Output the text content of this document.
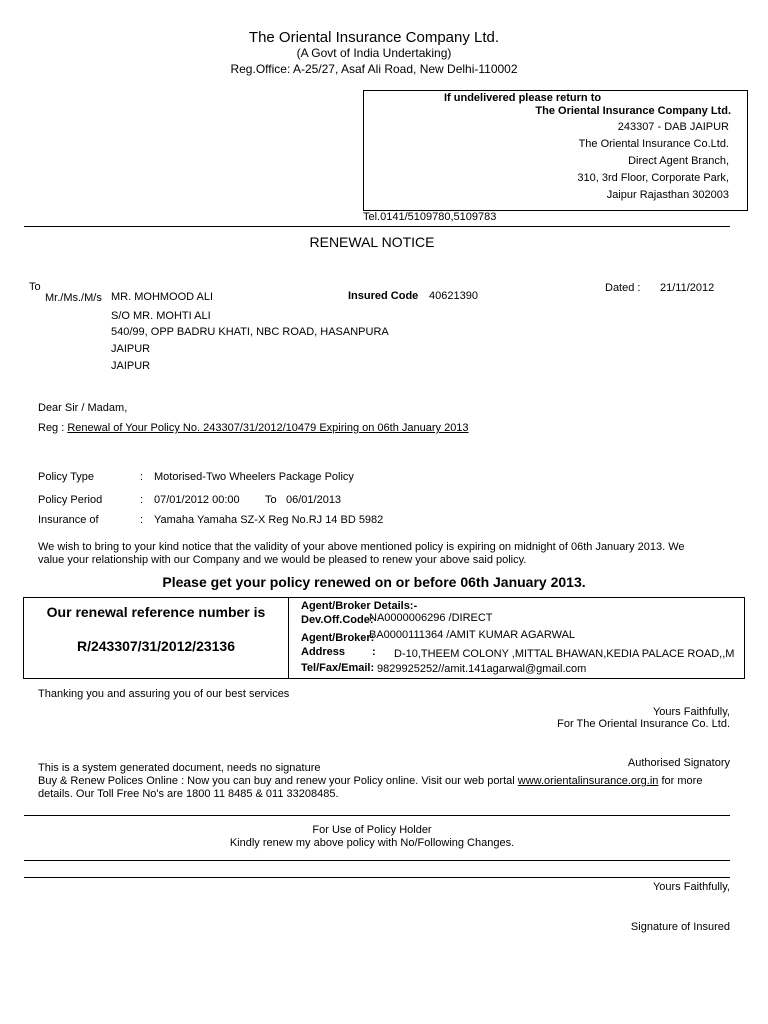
The Oriental Insurance Company Ltd.
(A Govt of India Undertaking)
Reg.Office: A-25/27, Asaf Ali Road, New Delhi-110002
If undelivered please return to
The Oriental Insurance Company Ltd.
243307 - DAB JAIPUR
The Oriental Insurance Co.Ltd.
Direct Agent Branch,
310, 3rd Floor, Corporate Park,
Jaipur Rajasthan 302003
Tel.0141/5109780,5109783
RENEWAL NOTICE
To
Mr./Ms./M/s MR. MOHMOOD ALI	Insured Code 40621390
Dated : 21/11/2012
S/O MR. MOHTI ALI
540/99, OPP BADRU KHATI, NBC ROAD, HASANPURA
JAIPUR
JAIPUR
Dear Sir / Madam,
Reg : Renewal of Your Policy No. 243307/31/2012/10479 Expiring on 06th January 2013
Policy Type	: Motorised-Two Wheelers Package Policy
Policy Period	: 07/01/2012 00:00 To 06/01/2013
Insurance of	: Yamaha Yamaha SZ-X Reg No.RJ 14 BD 5982
We wish to bring to your kind notice that the validity of your above mentioned policy is expiring on midnight of 06th January 2013. We
value your relationship with our Company and we would be pleased to renew your above said policy.
Please get your policy renewed on or before 06th January 2013.
Our renewal reference number is
R/243307/31/2012/23136
Agent/Broker Details:-
Dev.Off.Code:
NA0000006296 /DIRECT
Agent/Broker:
BA0000111364 /AMIT KUMAR AGARWAL
Address : D-10,THEEM COLONY ,MITTAL BHAWAN,KEDIA PALACE ROAD,,M
Tel/Fax/Email: 9829925252//amit.141agarwal@gmail.com
Thanking you and assuring you of our best services
Yours Faithfully,
For The Oriental Insurance Co. Ltd.
Authorised Signatory
This is a system generated document, needs no signature
Buy & Renew Polices Online : Now you can buy and renew your Policy online. Visit our web portal www.orientalinsurance.org.in for more
details. Our Toll Free No's are 1800 11 8485 & 011 33208485.
For Use of Policy Holder
Kindly renew my above policy with No/Following Changes.
Yours Faithfully,
Signature of Insured
